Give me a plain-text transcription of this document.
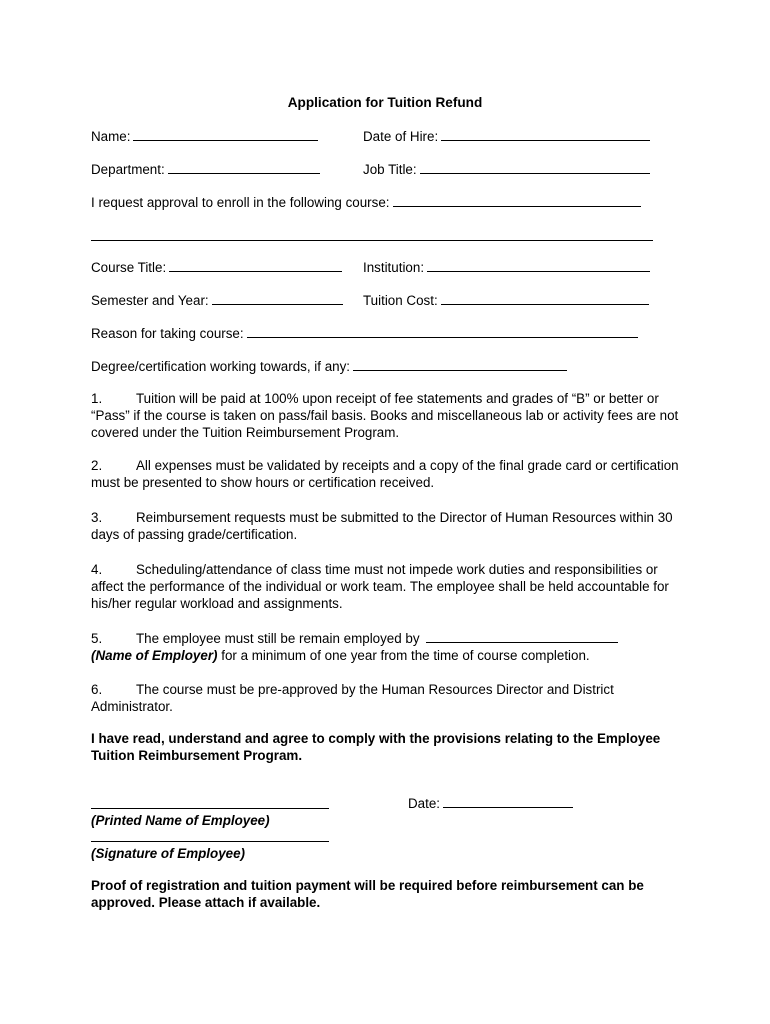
Application for Tuition Refund
Name:	Date of Hire:
Department:	Job Title:
I request approval to enroll in the following course:
Course Title:	Institution:
Semester and Year:	Tuition Cost:
Reason for taking course:
Degree/certification working towards, if any:
1.	Tuition will be paid at 100% upon receipt of fee statements and grades of “B” or better or “Pass” if the course is taken on pass/fail basis. Books and miscellaneous lab or activity fees are not covered under the Tuition Reimbursement Program.
2.	All expenses must be validated by receipts and a copy of the final grade card or certification must be presented to show hours or certification received.
3.	Reimbursement requests must be submitted to the Director of Human Resources within 30 days of passing grade/certification.
4.	Scheduling/attendance of class time must not impede work duties and responsibilities or affect the performance of the individual or work team. The employee shall be held accountable for his/her regular workload and assignments.
5.	The employee must still be remain employed by
(Name of Employer) for a minimum of one year from the time of course completion.
6.	The course must be pre-approved by the Human Resources Director and District Administrator.
I have read, understand and agree to comply with the provisions relating to the Employee Tuition Reimbursement Program.
Date:
(Printed Name of Employee)
(Signature of Employee)
Proof of registration and tuition payment will be required before reimbursement can be approved. Please attach if available.
